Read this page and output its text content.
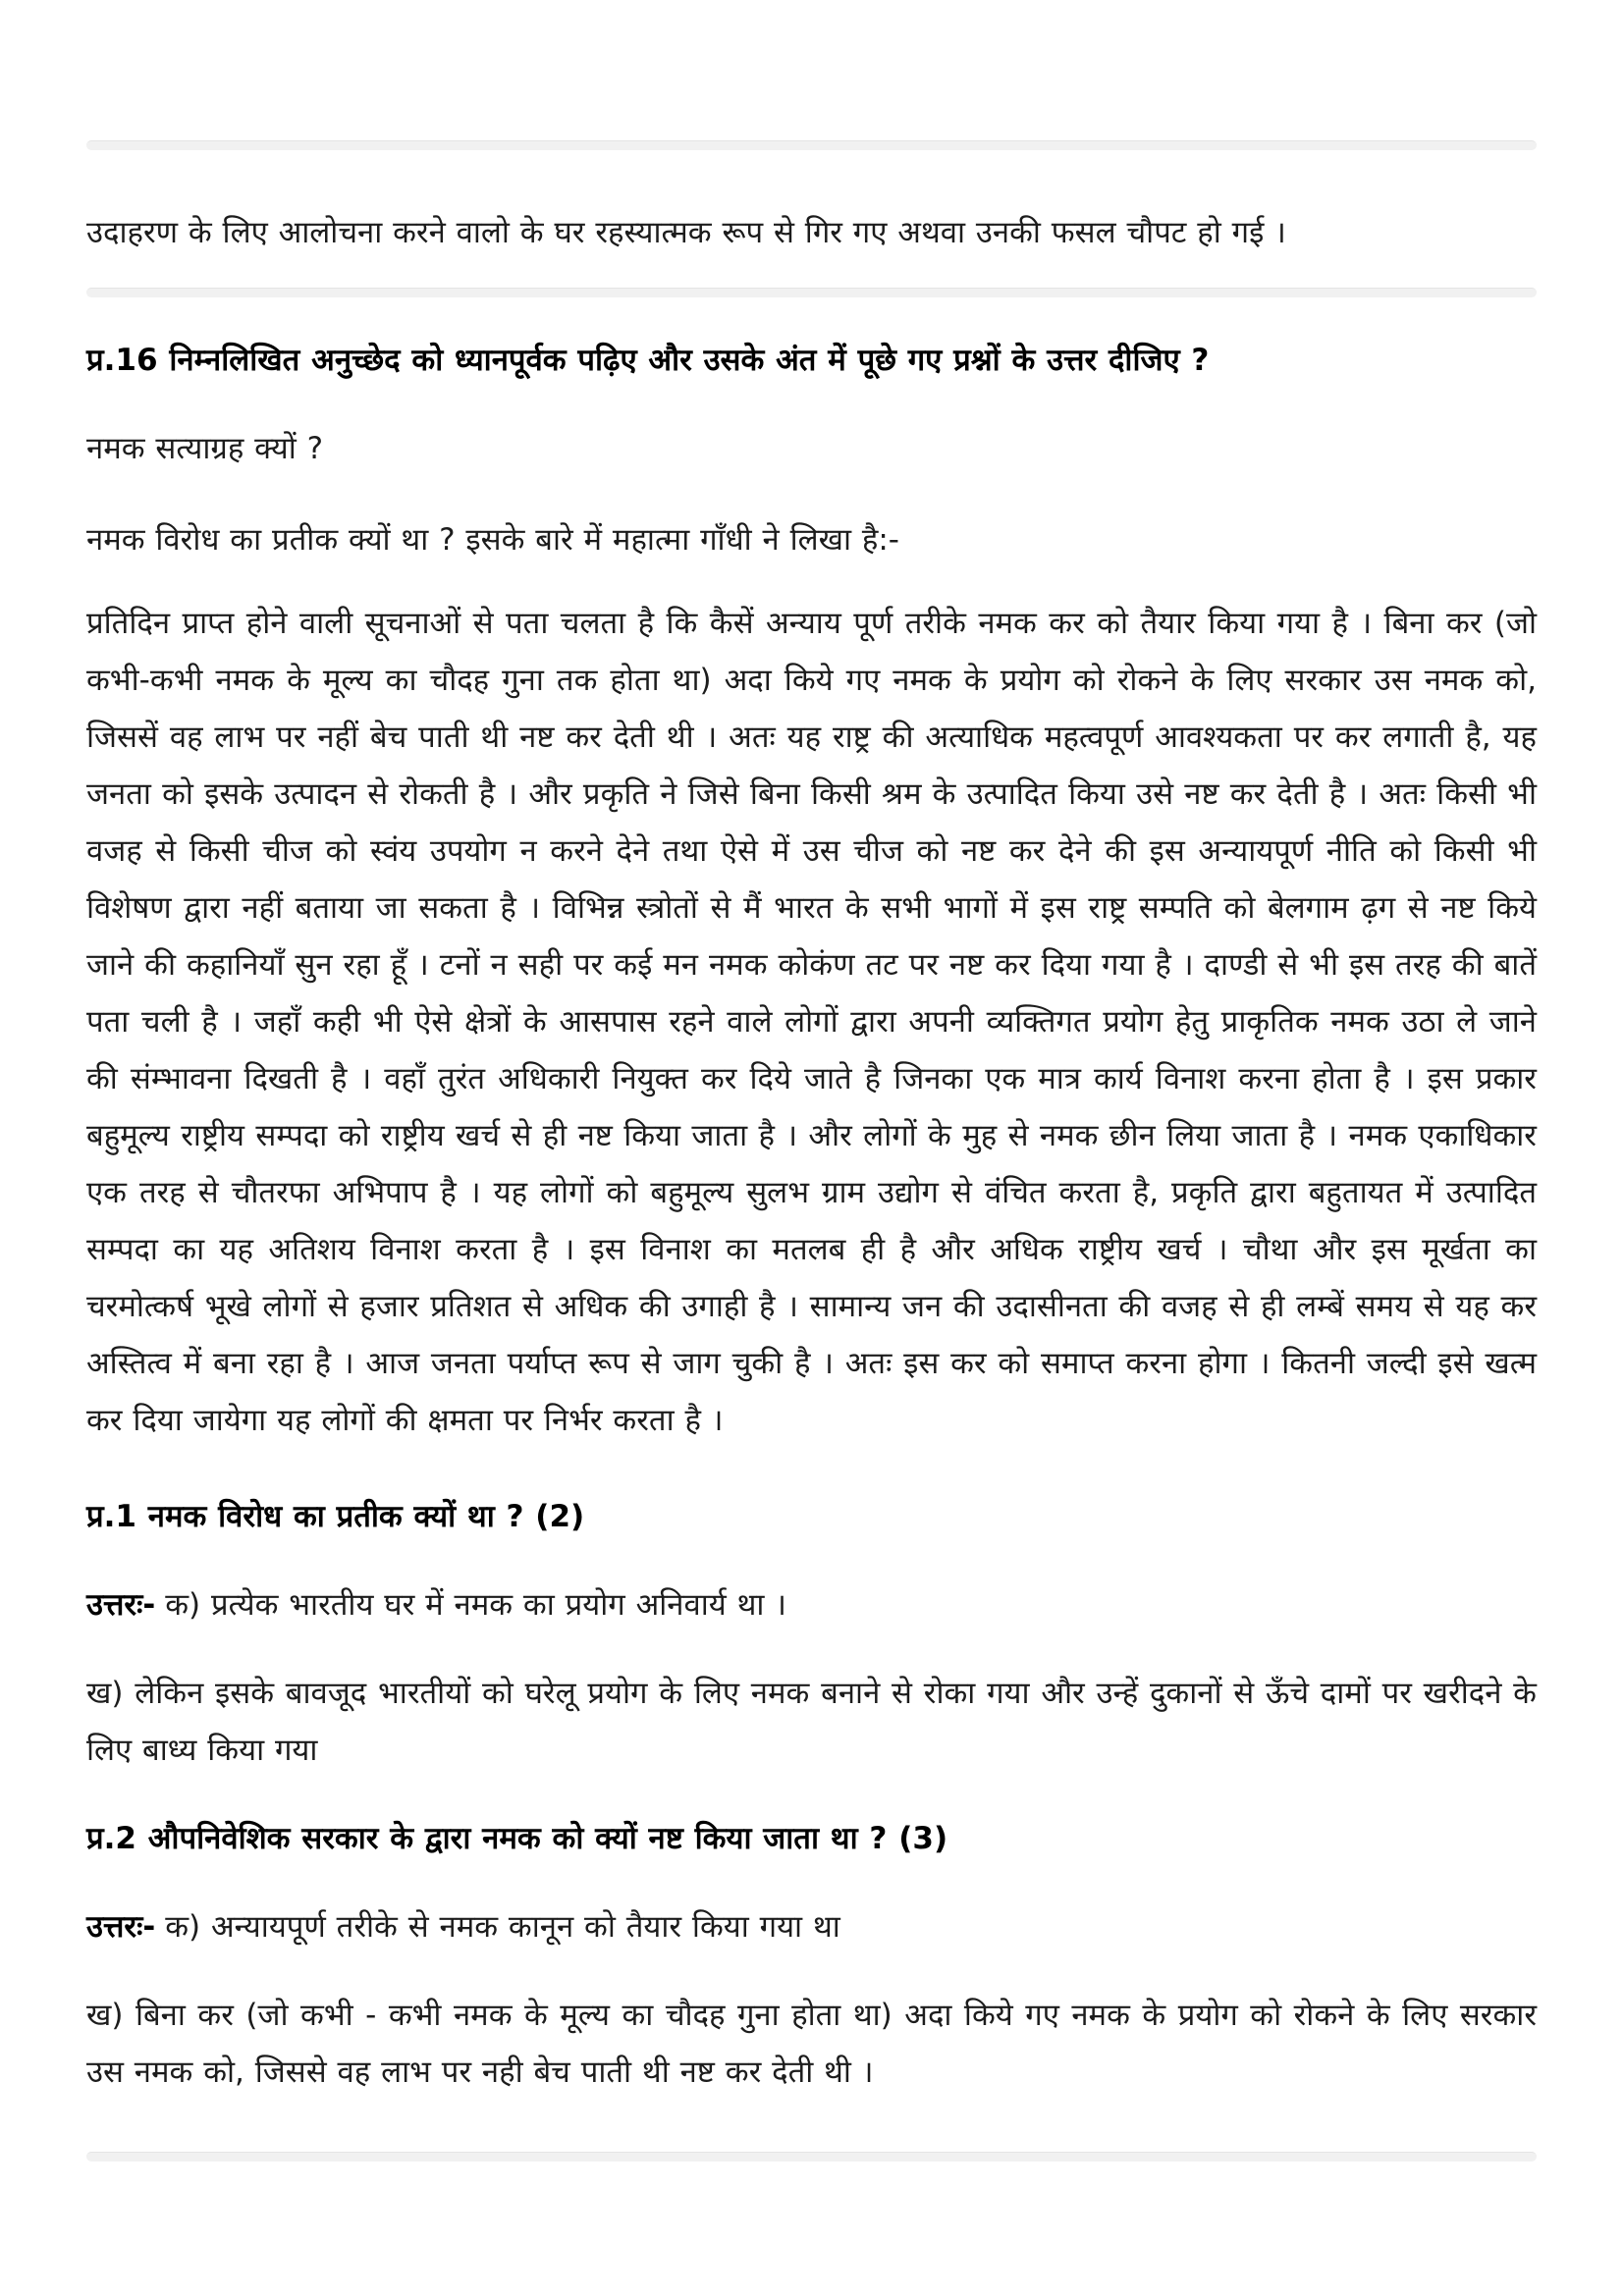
उदाहरण के लिए आलोचना करने वालो के घर रहस्यात्मक रूप से गिर गए अथवा उनकी फसल चौपट हो गई ।
प्र.16 निम्नलिखित अनुच्छेद को ध्यानपूर्वक पढ़िए और उसके अंत में पूछे गए प्रश्नों के उत्तर दीजिए ?
नमक सत्याग्रह क्यों ?
नमक विरोध का प्रतीक क्यों था ? इसके बारे में महात्मा गाँधी ने लिखा है:-
प्रतिदिन प्राप्त होने वाली सूचनाओं से पता चलता है कि कैसें अन्याय पूर्ण तरीके नमक कर को तैयार किया गया है । बिना कर (जो कभी-कभी नमक के मूल्य का चौदह गुना तक होता था) अदा किये गए नमक के प्रयोग को रोकने के लिए सरकार उस नमक को, जिससें वह लाभ पर नहीं बेच पाती थी नष्ट कर देती थी । अतः यह राष्ट्र की अत्याधिक महत्वपूर्ण आवश्यकता पर कर लगाती है, यह जनता को इसके उत्पादन से रोकती है । और प्रकृति ने जिसे बिना किसी श्रम के उत्पादित किया उसे नष्ट कर देती है । अतः किसी भी वजह से किसी चीज को स्वंय उपयोग न करने देने तथा ऐसे में उस चीज को नष्ट कर देने की इस अन्यायपूर्ण नीति को किसी भी विशेषण द्वारा नहीं बताया जा सकता है । विभिन्न स्त्रोतों से मैं भारत के सभी भागों में इस राष्ट्र सम्पति को बेलगाम ढ़ग से नष्ट किये जाने की कहानियाँ सुन रहा हूँ । टनों न सही पर कई मन नमक कोकंण तट पर नष्ट कर दिया गया है । दाण्डी से भी इस तरह की बातें पता चली है । जहाँ कही भी ऐसे क्षेत्रों के आसपास रहने वाले लोगों द्वारा अपनी व्यक्तिगत प्रयोग हेतु प्राकृतिक नमक उठा ले जाने की संम्भावना दिखती है । वहाँ तुरंत अधिकारी नियुक्त कर दिये जाते है जिनका एक मात्र कार्य विनाश करना होता है । इस प्रकार बहुमूल्य राष्ट्रीय सम्पदा को राष्ट्रीय खर्च से ही नष्ट किया जाता है । और लोगों के मुह से नमक छीन लिया जाता है । नमक एकाधिकार एक तरह से चौतरफा अभिपाप है । यह लोगों को बहुमूल्य सुलभ ग्राम उद्योग से वंचित करता है, प्रकृति द्वारा बहुतायत में उत्पादित सम्पदा का यह अतिशय विनाश करता है । इस विनाश का मतलब ही है और अधिक राष्ट्रीय खर्च । चौथा और इस मूर्खता का चरमोत्कर्ष भूखे लोगों से हजार प्रतिशत से अधिक की उगाही है । सामान्य जन की उदासीनता की वजह से ही लम्बें समय से यह कर अस्तित्व में बना रहा है । आज जनता पर्याप्त रूप से जाग चुकी है । अतः इस कर को समाप्त करना होगा । कितनी जल्दी इसे खत्म कर दिया जायेगा यह लोगों की क्षमता पर निर्भर करता है ।
प्र.1 नमक विरोध का प्रतीक क्यों था ? (2)
उत्तरः- क) प्रत्येक भारतीय घर में नमक का प्रयोग अनिवार्य था ।
ख) लेकिन इसके बावजूद भारतीयों को घरेलू प्रयोग के लिए नमक बनाने से रोका गया और उन्हें दुकानों से ऊँचे दामों पर खरीदने के लिए बाध्य किया गया
प्र.2 औपनिवेशिक सरकार के द्वारा नमक को क्यों नष्ट किया जाता था ? (3)
उत्तरः- क) अन्यायपूर्ण तरीके से नमक कानून को तैयार किया गया था
ख) बिना कर (जो कभी - कभी नमक के मूल्य का चौदह गुना होता था) अदा किये गए नमक के प्रयोग को रोकने के लिए सरकार उस नमक को, जिससे वह लाभ पर नही बेच पाती थी नष्ट कर देती थी ।
